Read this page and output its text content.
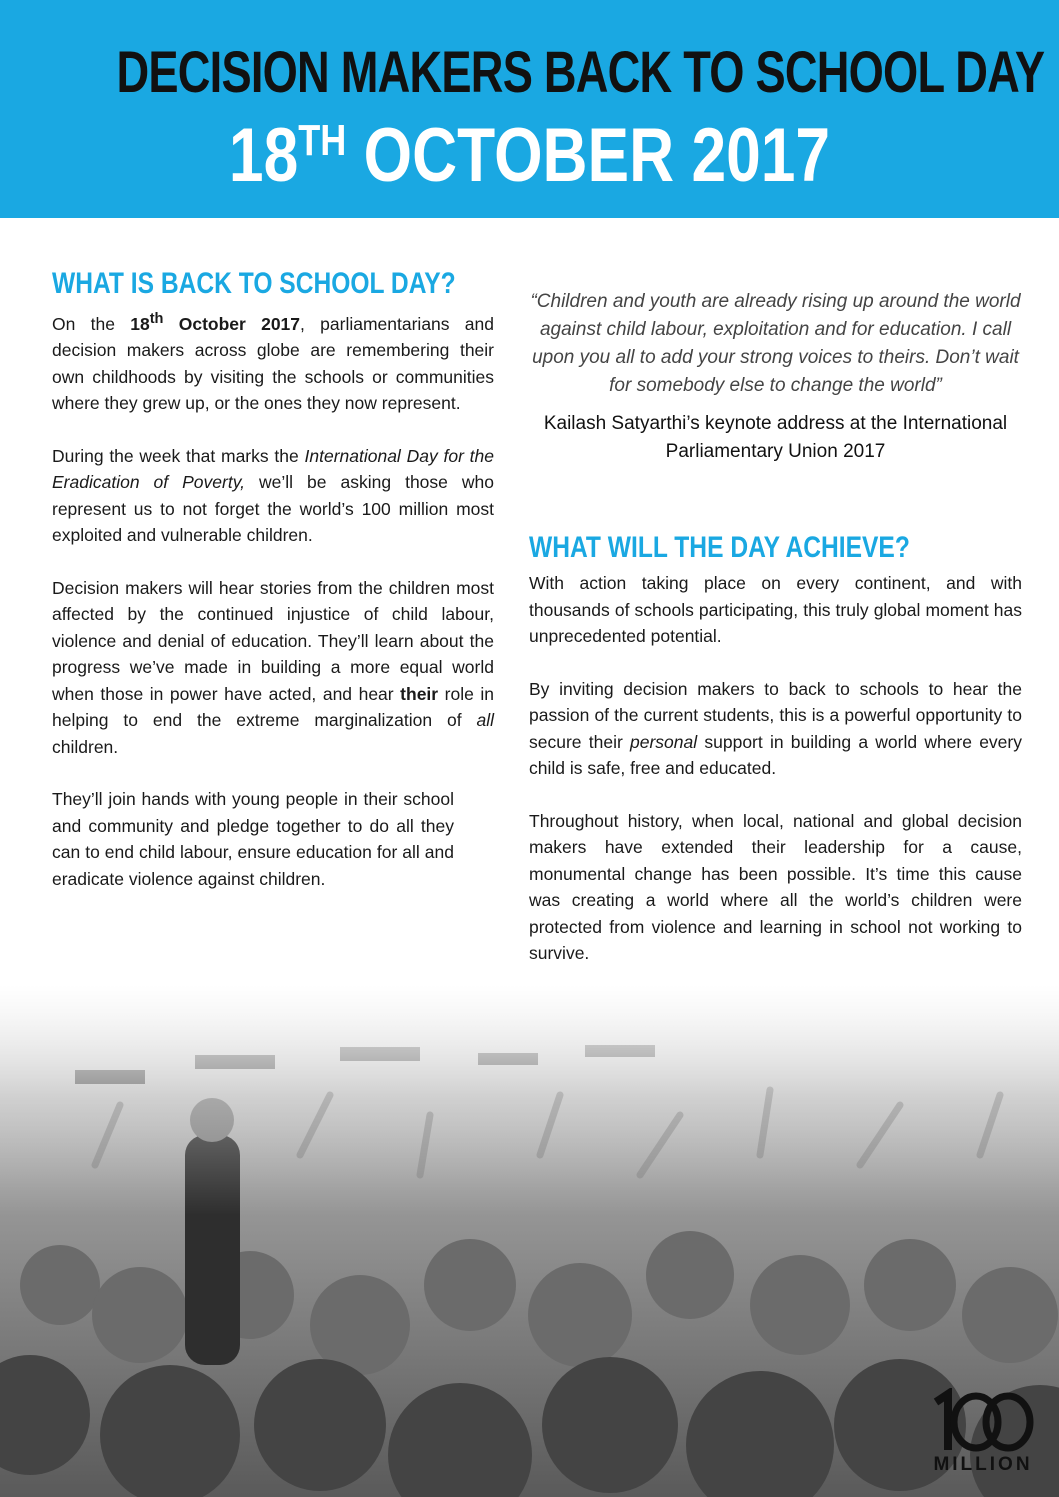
DECISION MAKERS BACK TO SCHOOL DAY
18TH OCTOBER 2017
WHAT IS BACK TO SCHOOL DAY?

On the 18th October 2017, parliamentarians and decision makers across globe are remembering their own childhoods by visiting the schools or communities where they grew up, or the ones they now represent.

During the week that marks the International Day for the Eradication of Poverty, we’ll be asking those who represent us to not forget the world’s 100 million most exploited and vulnerable children.

Decision makers will hear stories from the children most affected by the continued injustice of child labour, violence and denial of education. They’ll learn about the progress we’ve made in building a more equal world when those in power have acted, and hear their role in helping to end the extreme marginalization of all children.

They’ll join hands with young people in their school and community and pledge together to do all they can to end child labour, ensure education for all and eradicate violence against children.

“Children and youth are already rising up around the world against child labour, exploitation and for education. I call upon you all to add your strong voices to theirs. Don’t wait for somebody else to change the world”

Kailash Satyarthi’s keynote address at the International Parliamentary Union 2017

WHAT WILL THE DAY ACHIEVE?

With action taking place on every continent, and with thousands of schools participating, this truly global moment has unprecedented potential.

By inviting decision makers to back to schools to hear the passion of the current students, this is a powerful opportunity to secure their personal support in building a world where every child is safe, free and educated.

Throughout history, when local, national and global decision makers have extended their leadership for a cause, monumental change has been possible. It’s time this cause was creating a world where all the world’s children were protected from violence and learning in school not working to survive.

MILLION
